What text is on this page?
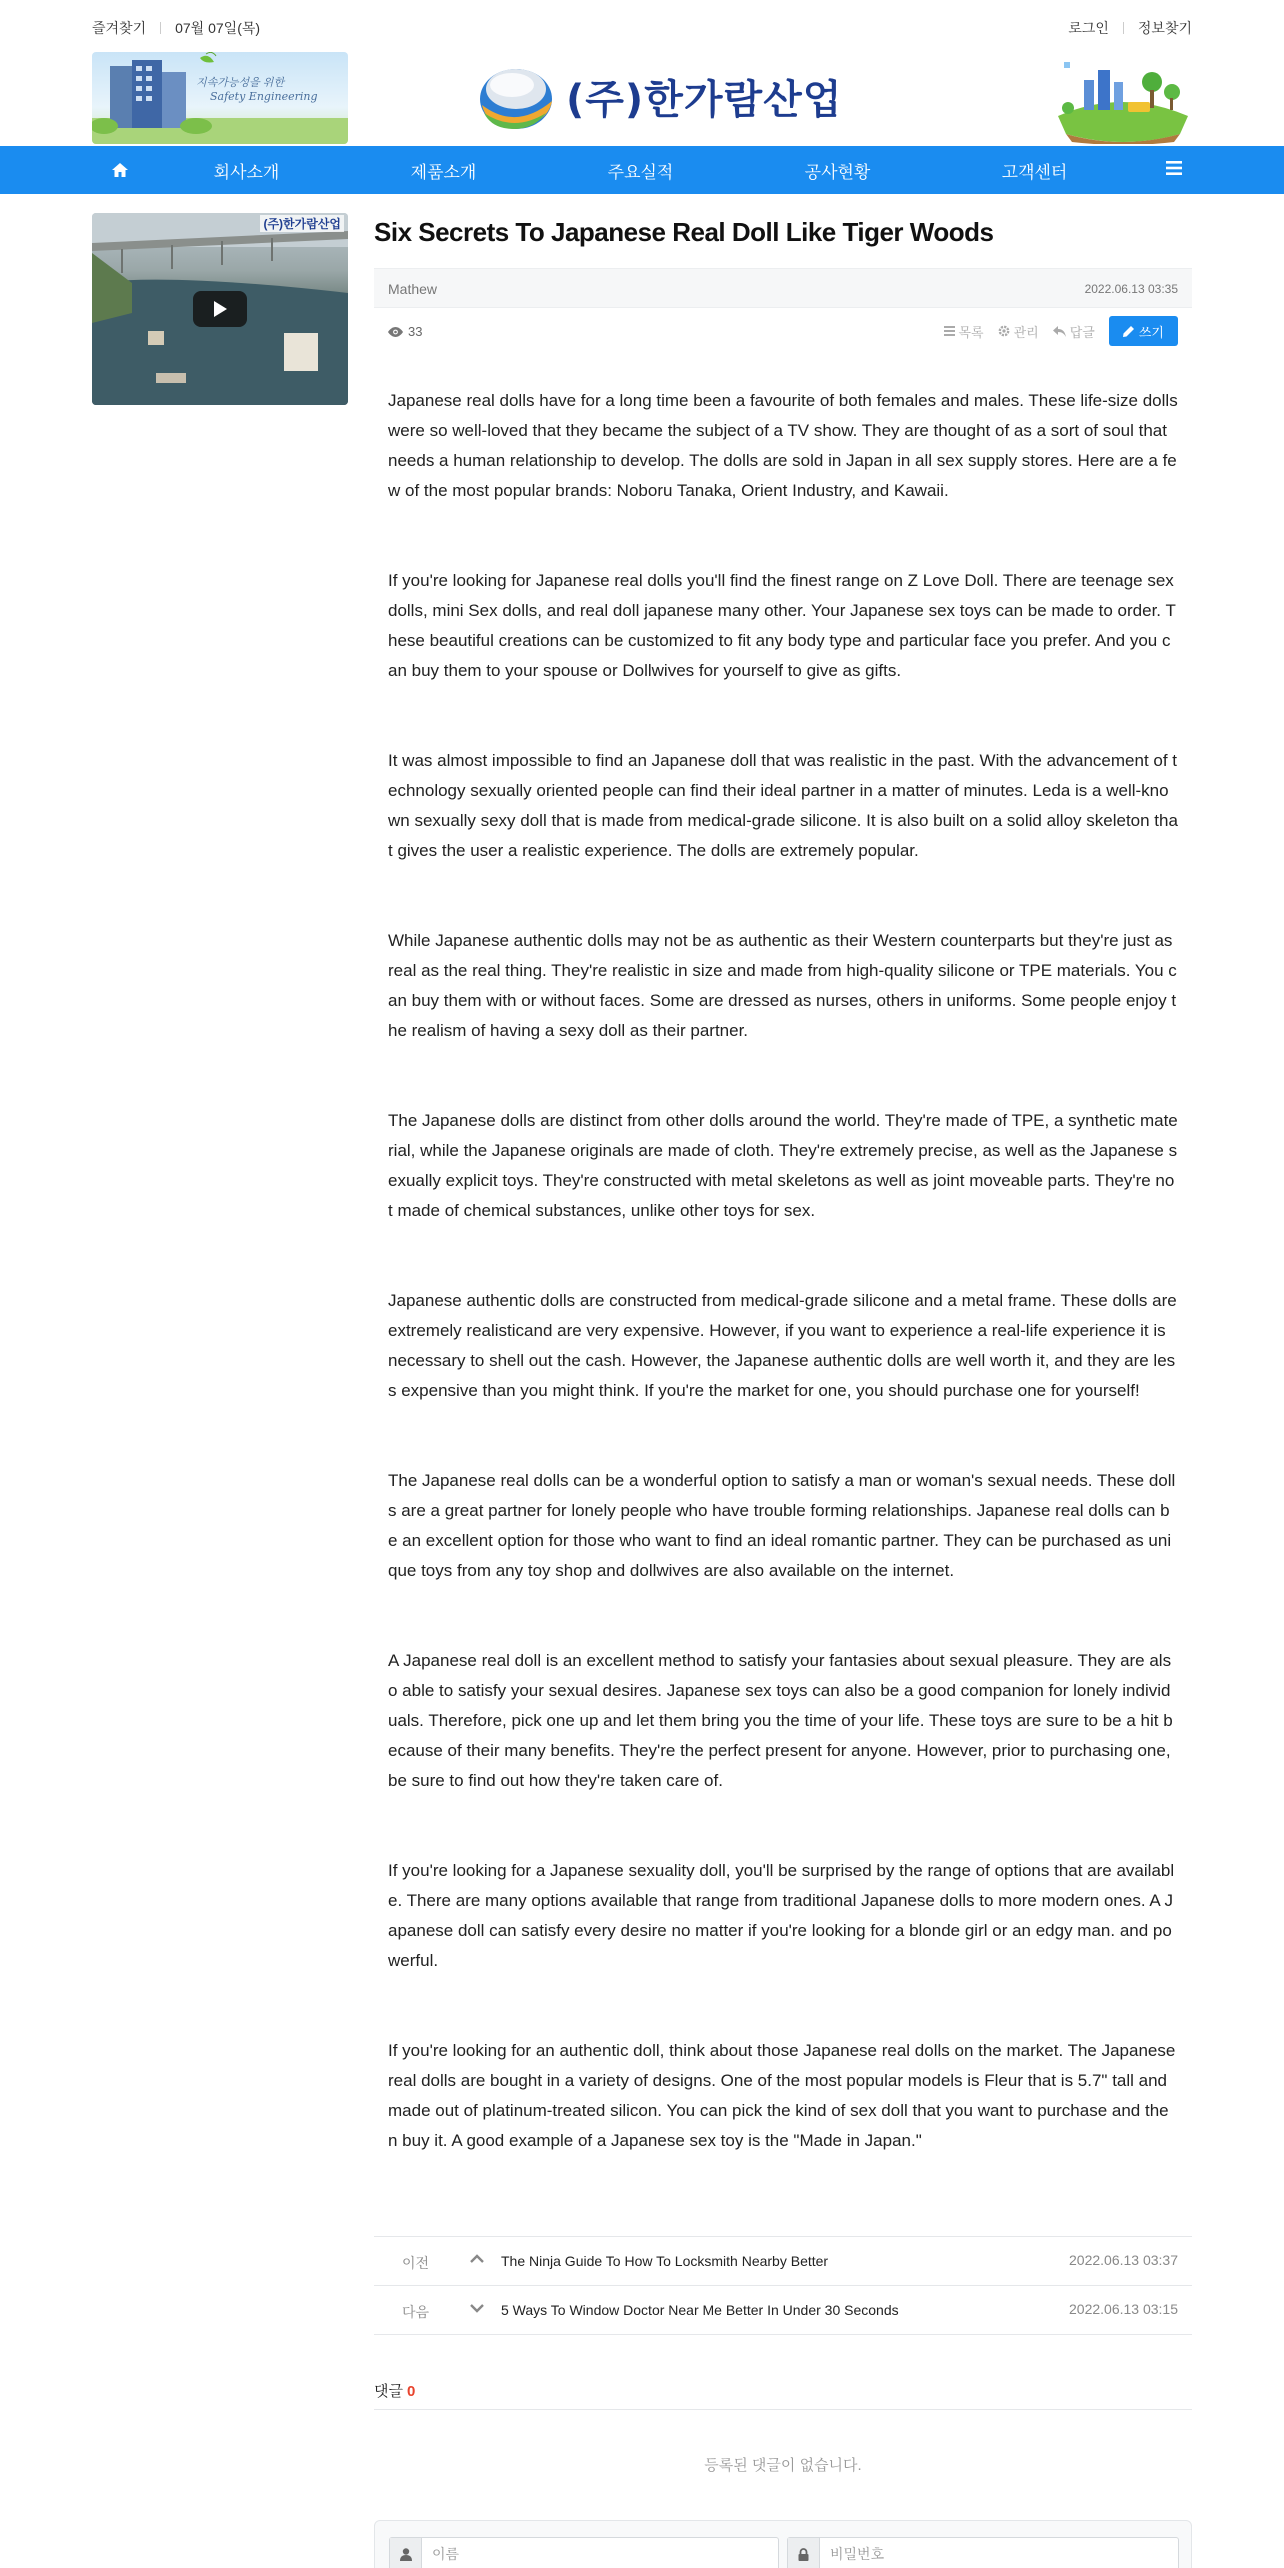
즐겨찾기 07월 07일(목)	로그인 정보찾기
지속가능성을 위한
Safety Engineering	(주)한가람산업
회사소개	제품소개	주요실적	공사현황	고객센터
(주)한가람산업 Six Secrets To Japanese Real Doll Like Tiger Woods
Mathew	2022.06.13 03:35
33	목록 관리 답글	쓰기

Japanese real dolls have for a long time been a favourite of both females and males. These life-size dolls were so well-loved that they became the subject of a TV show. They are thought of as a sort of soul that needs a human relationship to develop. The dolls are sold in Japan in all sex supply stores. Here are a few of the most popular brands: Noboru Tanaka, Orient Industry, and Kawaii.

If you're looking for Japanese real dolls you'll find the finest range on Z Love Doll. There are teenage sex dolls, mini Sex dolls, and real doll japanese many other. Your Japanese sex toys can be made to order. These beautiful creations can be customized to fit any body type and particular face you prefer. And you can buy them to your spouse or Dollwives for yourself to give as gifts.

It was almost impossible to find an Japanese doll that was realistic in the past. With the advancement of technology sexually oriented people can find their ideal partner in a matter of minutes. Leda is a well-known sexually sexy doll that is made from medical-grade silicone. It is also built on a solid alloy skeleton that gives the user a realistic experience. The dolls are extremely popular.

While Japanese authentic dolls may not be as authentic as their Western counterparts but they're just as real as the real thing. They're realistic in size and made from high-quality silicone or TPE materials. You can buy them with or without faces. Some are dressed as nurses, others in uniforms. Some people enjoy the realism of having a sexy doll as their partner.

The Japanese dolls are distinct from other dolls around the world. They're made of TPE, a synthetic material, while the Japanese originals are made of cloth. They're extremely precise, as well as the Japanese sexually explicit toys. They're constructed with metal skeletons as well as joint moveable parts. They're not made of chemical substances, unlike other toys for sex.

Japanese authentic dolls are constructed from medical-grade silicone and a metal frame. These dolls are extremely realisticand are very expensive. However, if you want to experience a real-life experience it is necessary to shell out the cash. However, the Japanese authentic dolls are well worth it, and they are less expensive than you might think. If you're the market for one, you should purchase one for yourself!

The Japanese real dolls can be a wonderful option to satisfy a man or woman's sexual needs. These dolls are a great partner for lonely people who have trouble forming relationships. Japanese real dolls can be an excellent option for those who want to find an ideal romantic partner. They can be purchased as unique toys from any toy shop and dollwives are also available on the internet.

A Japanese real doll is an excellent method to satisfy your fantasies about sexual pleasure. They are also able to satisfy your sexual desires. Japanese sex toys can also be a good companion for lonely individuals. Therefore, pick one up and let them bring you the time of your life. These toys are sure to be a hit because of their many benefits. They're the perfect present for anyone. However, prior to purchasing one, be sure to find out how they're taken care of.

If you're looking for a Japanese sexuality doll, you'll be surprised by the range of options that are available. There are many options available that range from traditional Japanese dolls to more modern ones. A Japanese doll can satisfy every desire no matter if you're looking for a blonde girl or an edgy man. and powerful.

If you're looking for an authentic doll, think about those Japanese real dolls on the market. The Japanese real dolls are bought in a variety of designs. One of the most popular models is Fleur that is 5.7" tall and made out of platinum-treated silicon. You can pick the kind of sex doll that you want to purchase and then buy it. A good example of a Japanese sex toy is the "Made in Japan."

이전	The Ninja Guide To How To Locksmith Nearby Better	2022.06.13 03:37
다음	5 Ways To Window Doctor Near Me Better In Under 30 Seconds	2022.06.13 03:15
댓글 0
등록된 댓글이 없습니다.
이름
